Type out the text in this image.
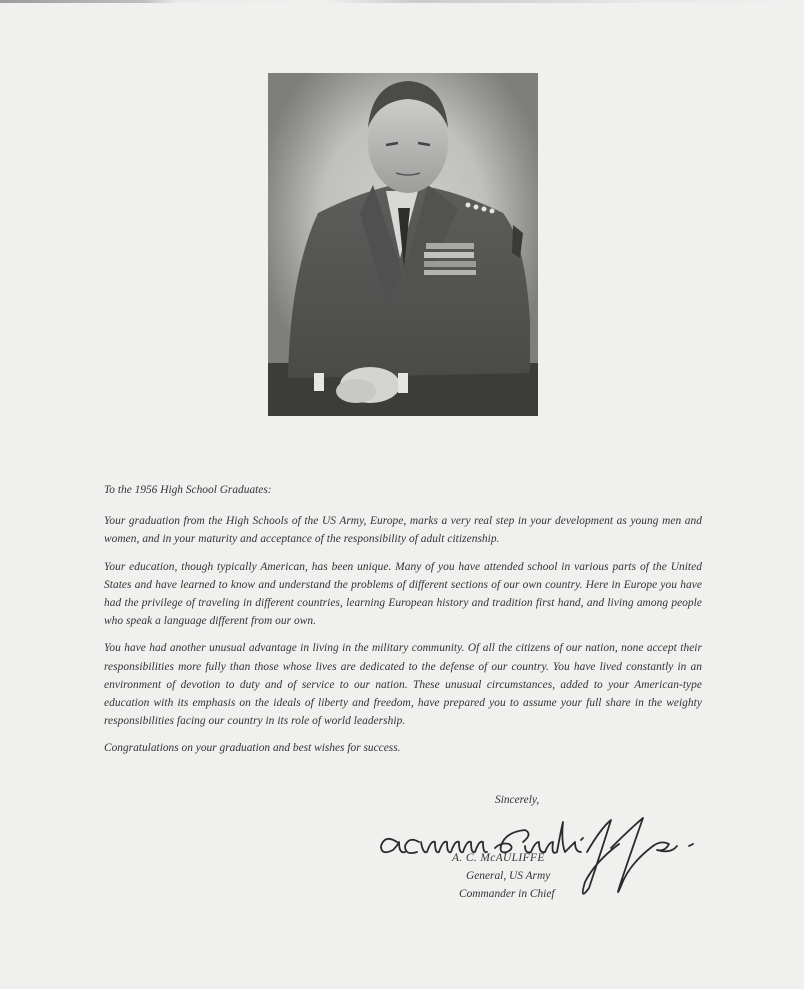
To the 1956 High School Graduates:

Your graduation from the High Schools of the US Army, Europe, marks a very real step in your development as young men and women, and in your maturity and acceptance of the responsibility of adult citizenship.

Your education, though typically American, has been unique. Many of you have attended school in various parts of the United States and have learned to know and understand the problems of different sections of our own country. Here in Europe you have had the privilege of traveling in different countries, learning European history and tradition first hand, and living among people who speak a language different from our own.

You have had another unusual advantage in living in the military community. Of all the citizens of our nation, none accept their responsibilities more fully than those whose lives are dedicated to the defense of our country. You have lived constantly in an environment of devotion to duty and of service to our nation. These unusual circumstances, added to your American-type education with its emphasis on the ideals of liberty and freedom, have prepared you to assume your full share in the weighty responsibilities facing our country in its role of world leadership.

Congratulations on your graduation and best wishes for success.

Sincerely,
A. C. McAULIFFE
General, US Army
Commander in Chief
